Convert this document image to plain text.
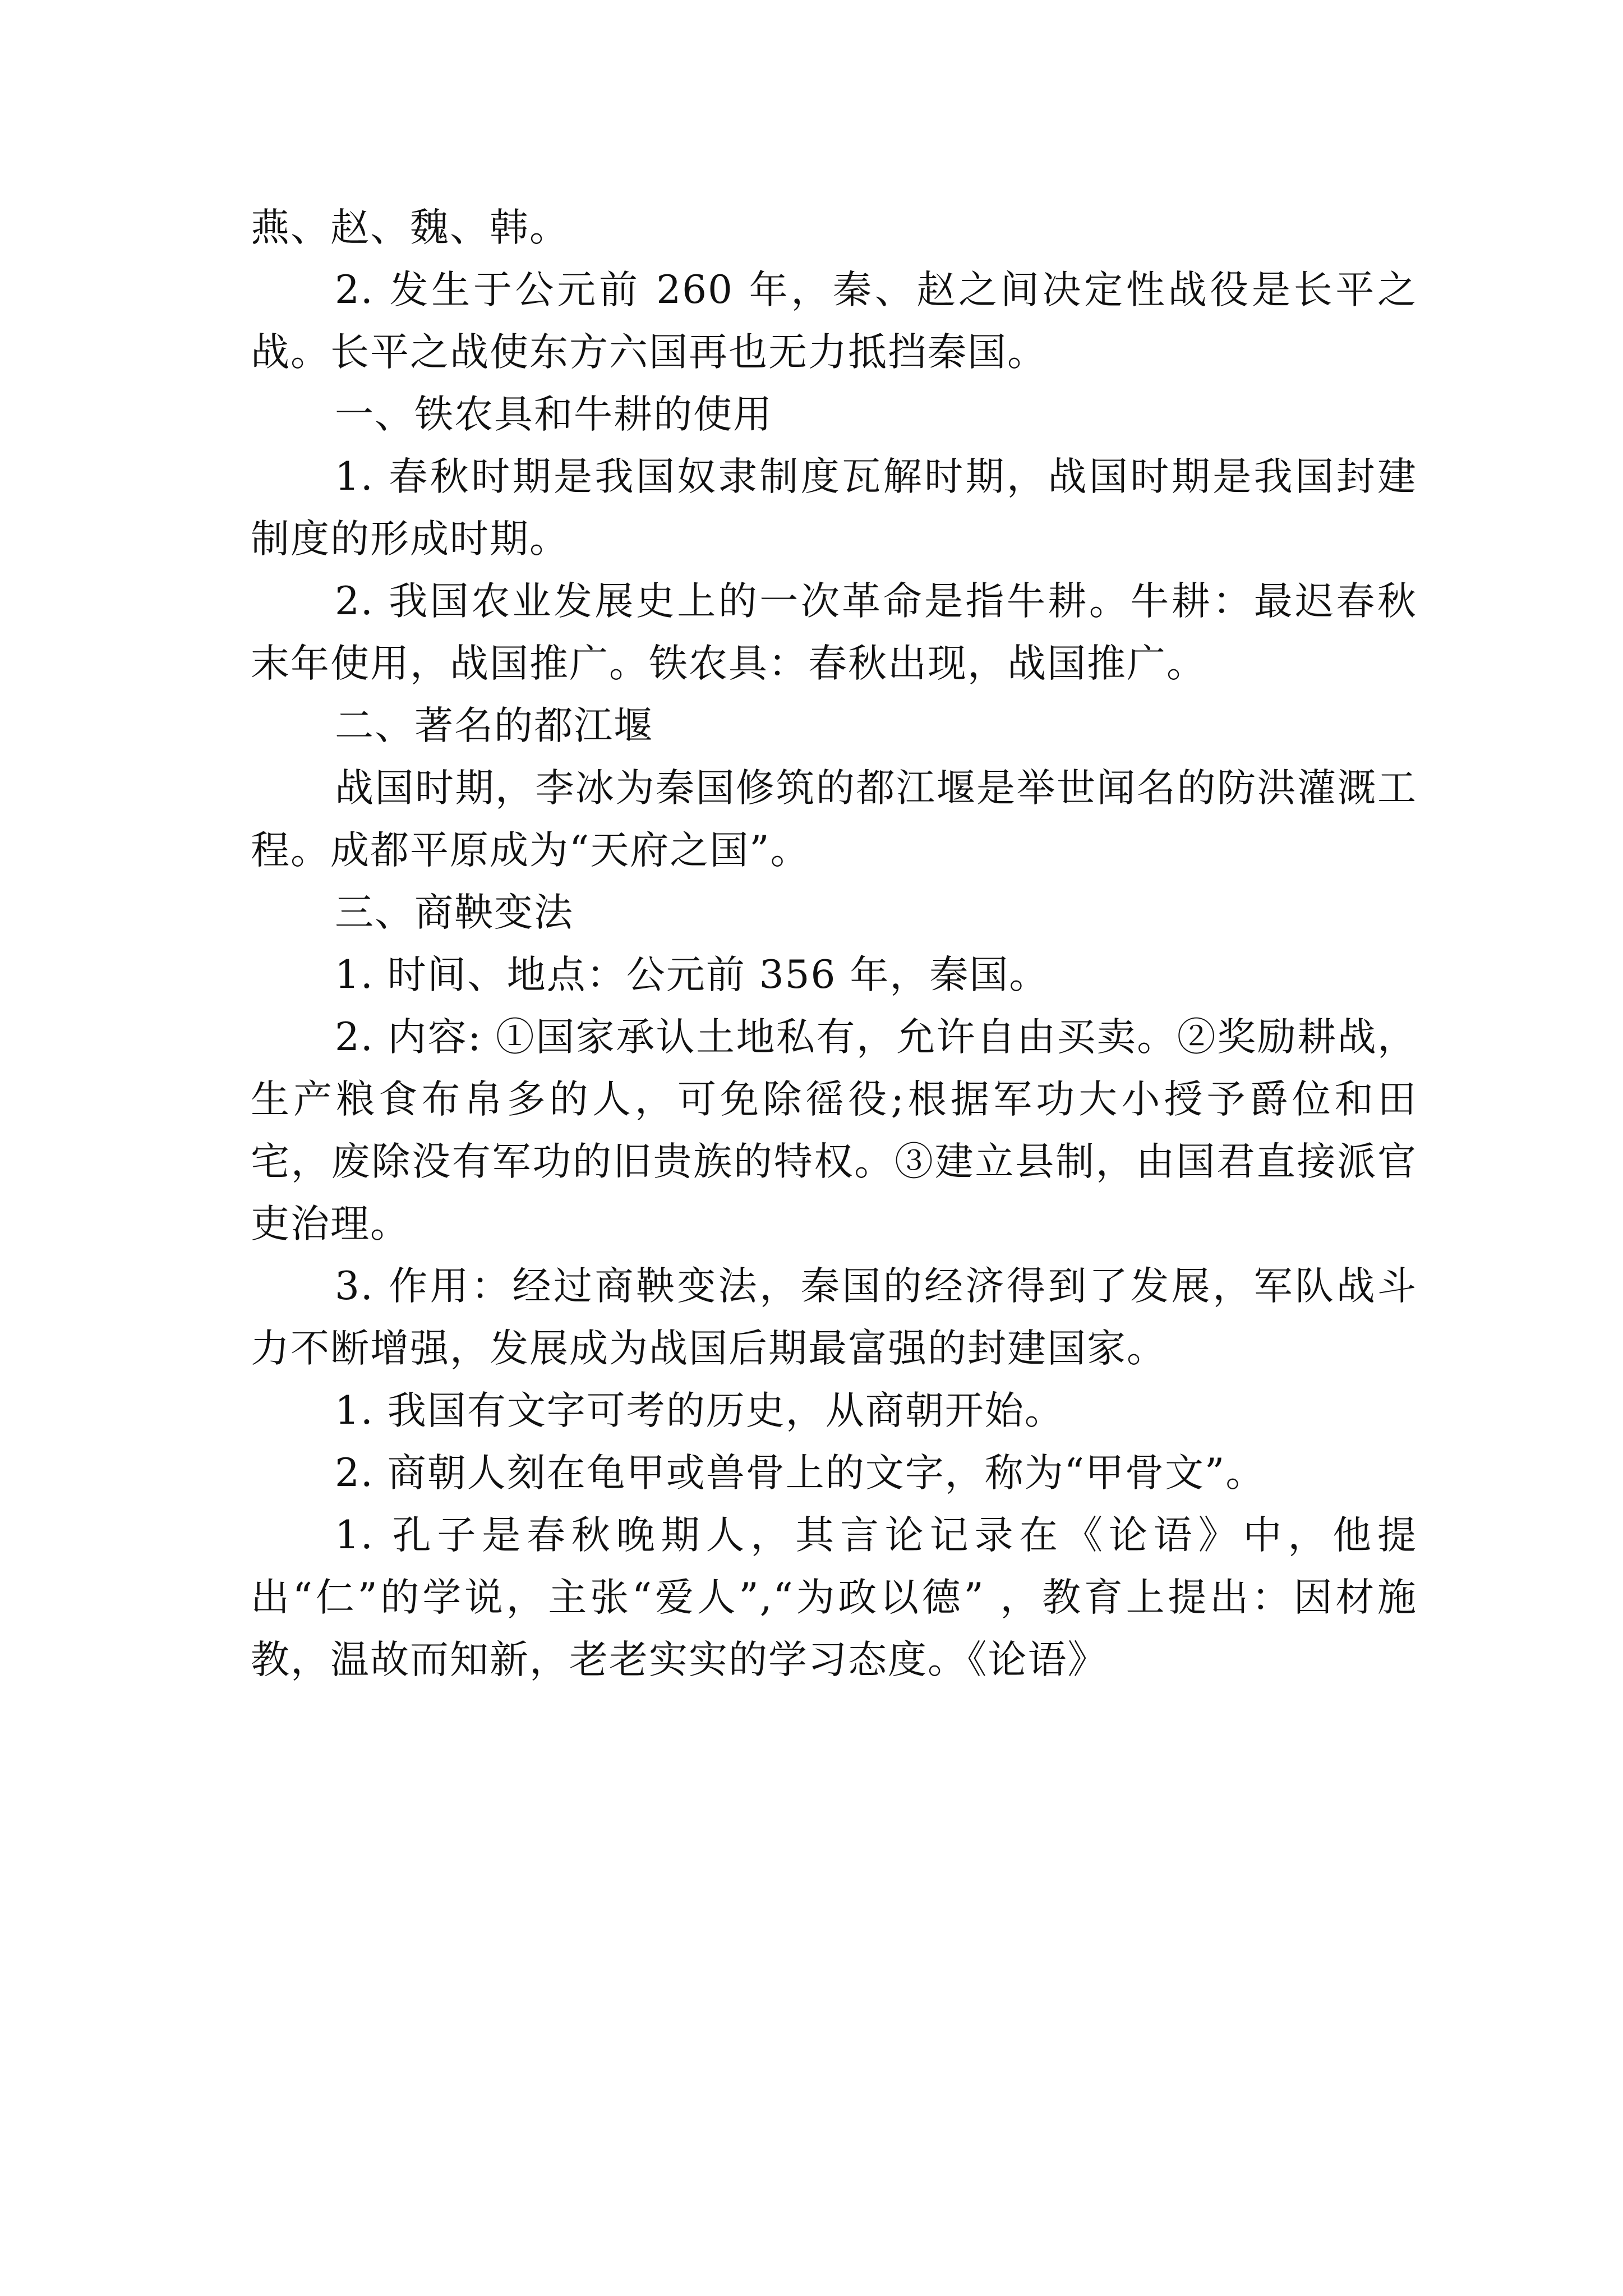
燕、赵、魏、韩。

2. 发生于公元前 260 年，秦、赵之间决定性战役是长平之战。长平之战使东方六国再也无力抵挡秦国。

一、铁农具和牛耕的使用

1. 春秋时期是我国奴隶制度瓦解时期，战国时期是我国封建制度的形成时期。

2. 我国农业发展史上的一次革命是指牛耕。牛耕：最迟春秋末年使用，战国推广。铁农具：春秋出现，战国推广。

二、著名的都江堰

战国时期，李冰为秦国修筑的都江堰是举世闻名的防洪灌溉工程。成都平原成为“天府之国”。

三、商鞅变法

1. 时间、地点：公元前 356 年，秦国。

2. 内容: ①国家承认土地私有，允许自由买卖。②奖励耕战，生产粮食布帛多的人，可免除徭役;根据军功大小授予爵位和田宅，废除没有军功的旧贵族的特权。③建立县制，由国君直接派官吏治理。

3. 作用：经过商鞅变法，秦国的经济得到了发展，军队战斗力不断增强，发展成为战国后期最富强的封建国家。

1. 我国有文字可考的历史，从商朝开始。

2. 商朝人刻在龟甲或兽骨上的文字，称为“甲骨文”。

1. 孔子是春秋晚期人，其言论记录在《论语》中，他提出“仁”的学说，主张“爱人”,“为政以德” ，教育上提出：因材施教，温故而知新，老老实实的学习态度。《论语》
